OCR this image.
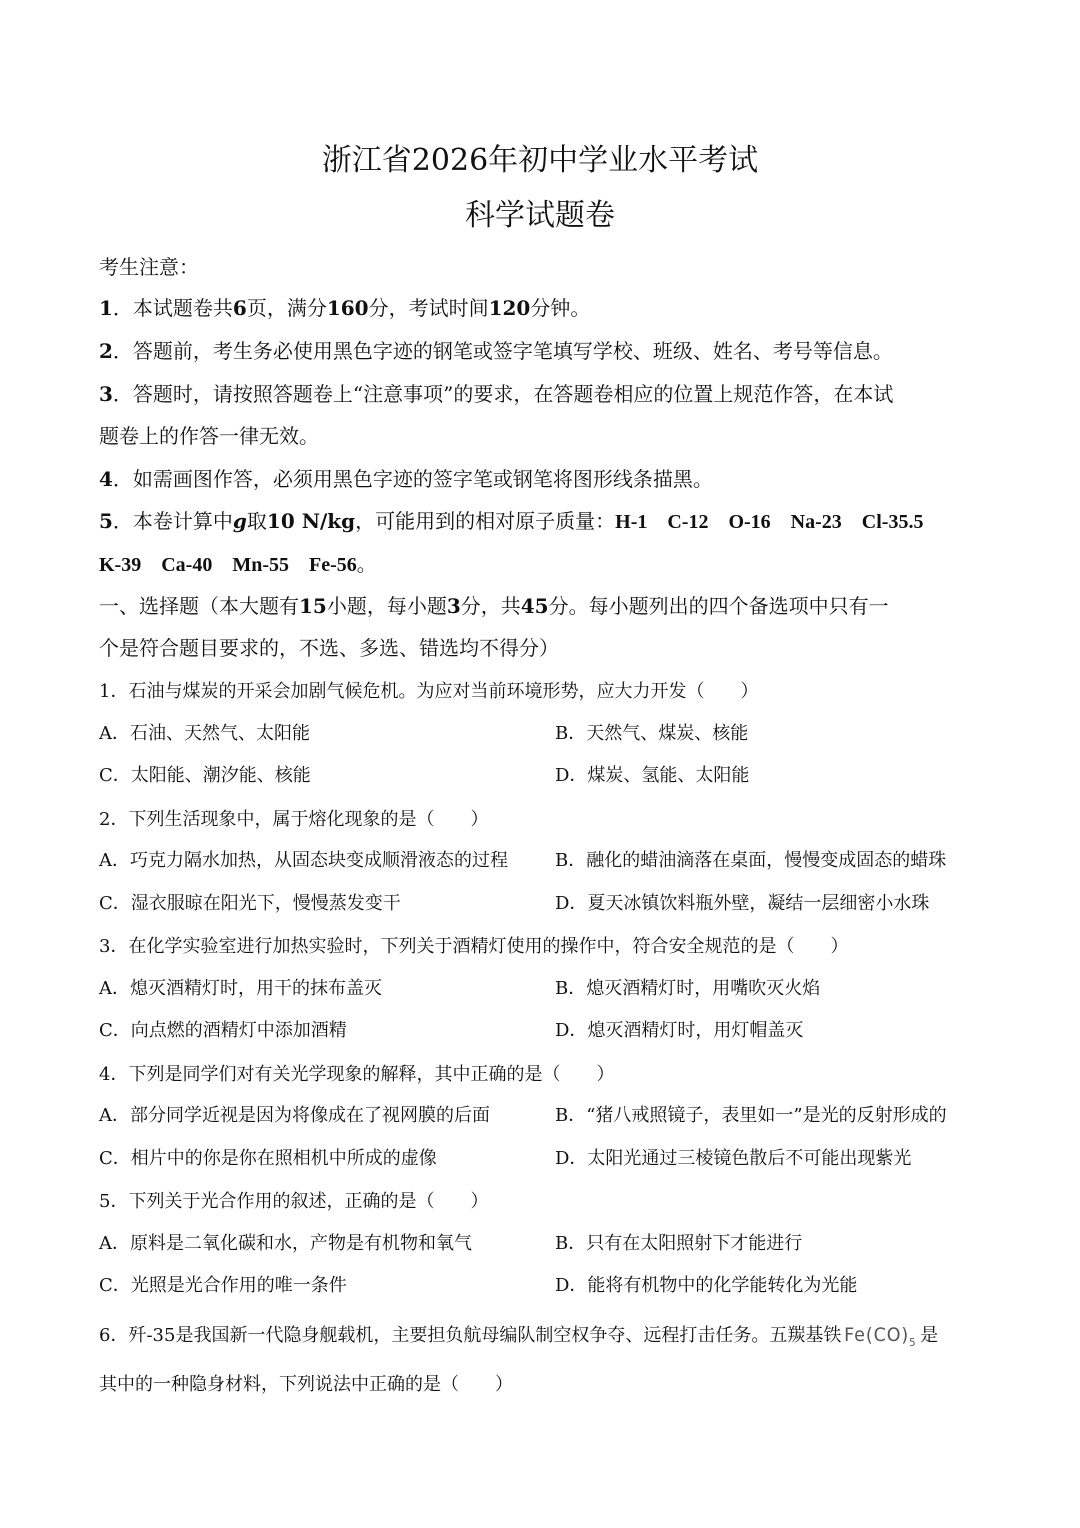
浙江省2026年初中学业水平考试
科学试题卷
考生注意：
1．本试题卷共6页，满分160分，考试时间120分钟。
2．答题前，考生务必使用黑色字迹的钢笔或签字笔填写学校、班级、姓名、考号等信息。
3．答题时，请按照答题卷上“注意事项”的要求，在答题卷相应的位置上规范作答，在本试
题卷上的作答一律无效。
4．如需画图作答，必须用黑色字迹的签字笔或钢笔将图形线条描黑。
5．本卷计算中g取10 N/kg，可能用到的相对原子质量：H-1　C-12　O-16　Na-23　Cl-35.5
K-39　Ca-40　Mn-55　Fe-56。
一、选择题（本大题有15小题，每小题3分，共45分。每小题列出的四个备选项中只有一
个是符合题目要求的，不选、多选、错选均不得分）
1．石油与煤炭的开采会加剧气候危机。为应对当前环境形势，应大力开发（　　）
A．石油、天然气、太阳能	B．天然气、煤炭、核能
C．太阳能、潮汐能、核能	D．煤炭、氢能、太阳能
2．下列生活现象中，属于熔化现象的是（　　）
A．巧克力隔水加热，从固态块变成顺滑液态的过程	B．融化的蜡油滴落在桌面，慢慢变成固态的蜡珠
C．湿衣服晾在阳光下，慢慢蒸发变干	D．夏天冰镇饮料瓶外壁，凝结一层细密小水珠
3．在化学实验室进行加热实验时，下列关于酒精灯使用的操作中，符合安全规范的是（　　）
A．熄灭酒精灯时，用干的抹布盖灭	B．熄灭酒精灯时，用嘴吹灭火焰
C．向点燃的酒精灯中添加酒精	D．熄灭酒精灯时，用灯帽盖灭
4．下列是同学们对有关光学现象的解释，其中正确的是（　　）
A．部分同学近视是因为将像成在了视网膜的后面	B．“猪八戒照镜子，表里如一”是光的反射形成的
C．相片中的你是你在照相机中所成的虚像	D．太阳光通过三棱镜色散后不可能出现紫光
5．下列关于光合作用的叙述，正确的是（　　）
A．原料是二氧化碳和水，产物是有机物和氧气	B．只有在太阳照射下才能进行
C．光照是光合作用的唯一条件	D．能将有机物中的化学能转化为光能
6．歼-35是我国新一代隐身舰载机，主要担负航母编队制空权争夺、远程打击任务。五羰基铁 $Fe(CO)_5$ 是
其中的一种隐身材料，下列说法中正确的是（　　）
